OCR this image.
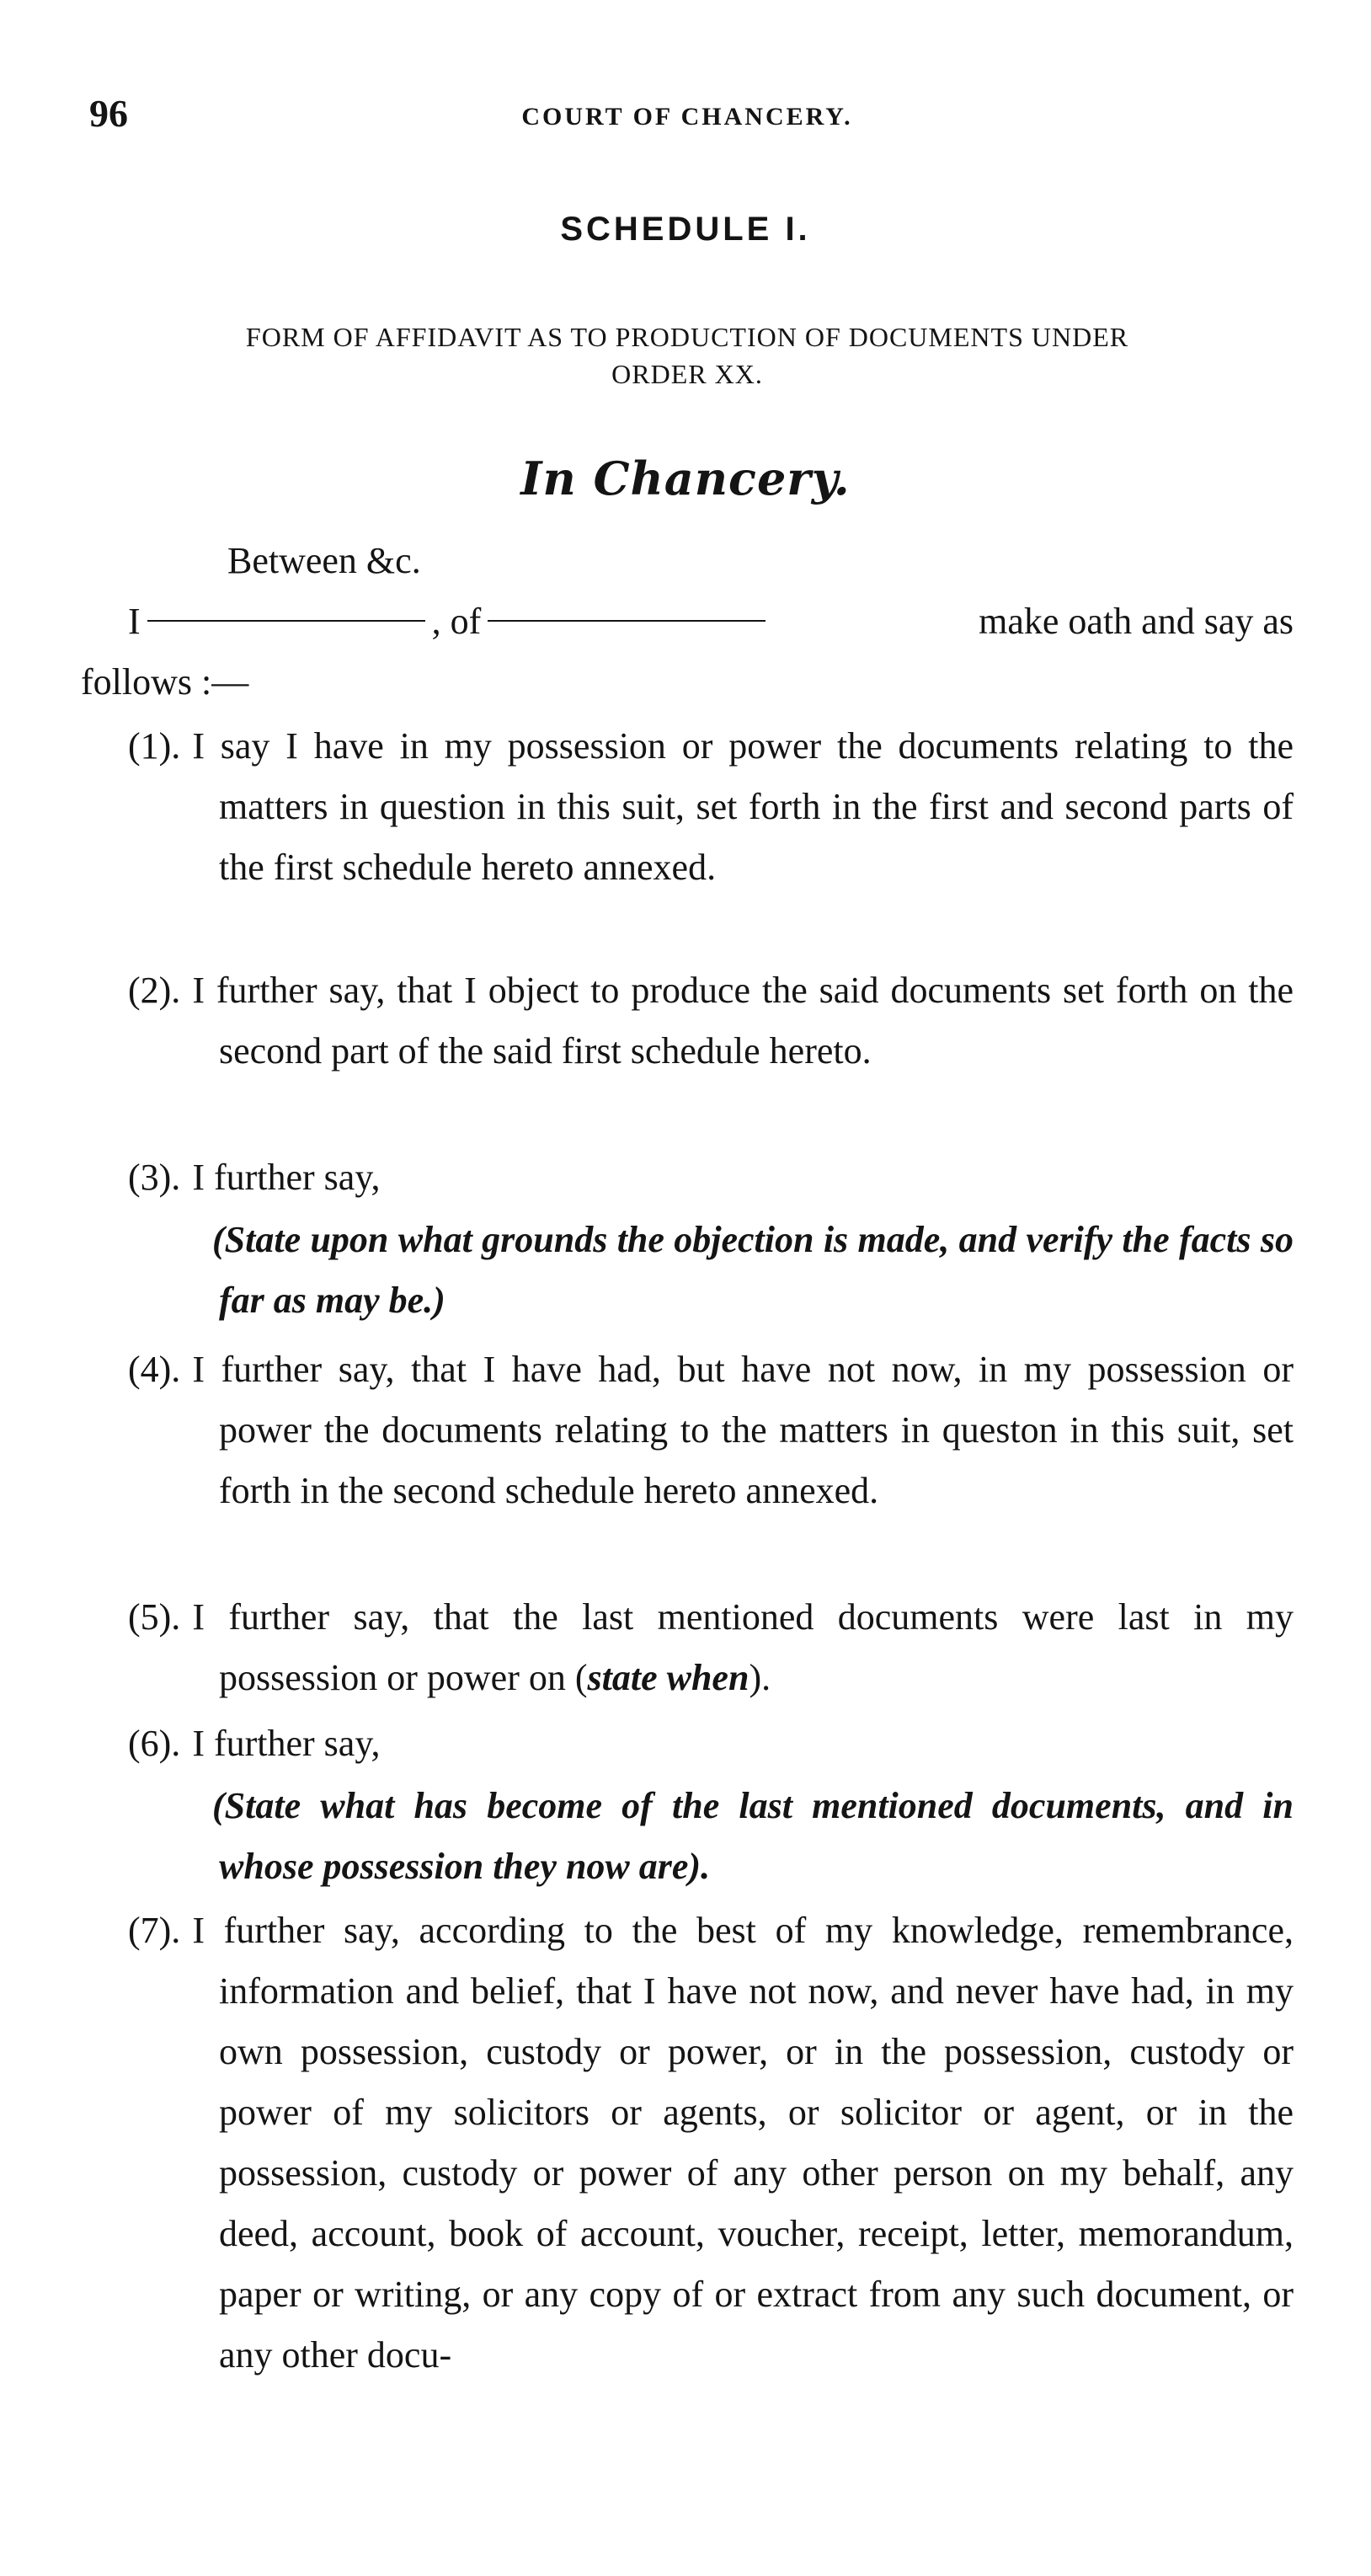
96	COURT OF CHANCERY.
SCHEDULE I.
FORM OF AFFIDAVIT AS TO PRODUCTION OF DOCUMENTS UNDER
ORDER XX.
In Chancery.
Between &c.
I	, of	make oath and say as
follows :—
(1). I say I have in my possession or power the documents relating to the matters in question in this suit, set forth in the first and second parts of the first schedule hereto annexed.
(2). I further say, that I object to produce the said documents set forth on the second part of the said first schedule hereto.
(3). I further say,
(State upon what grounds the objection is made, and verify the facts so far as may be.)
(4). I further say, that I have had, but have not now, in my possession or power the documents relating to the matters in queston in this suit, set forth in the second schedule hereto annexed.
(5). I further say, that the last mentioned documents were last in my possession or power on (state when).
(6). I further say,
(State what has become of the last mentioned documents, and in whose possession they now are).
(7). I further say, according to the best of my knowledge, remembrance, information and belief, that I have not now, and never have had, in my own possession, custody or power, or in the possession, custody or power of my solicitors or agents, or solicitor or agent, or in the possession, custody or power of any other person on my behalf, any deed, account, book of account, voucher, receipt, letter, memorandum, paper or writing, or any copy of or extract from any such document, or any other docu-
